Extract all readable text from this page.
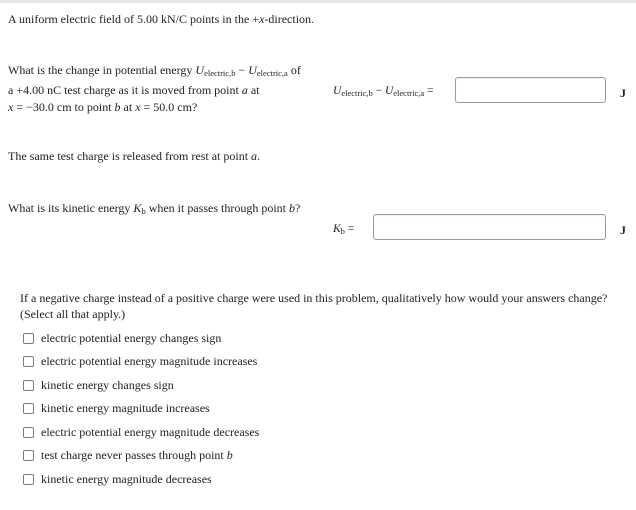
A uniform electric field of 5.00 kN/C points in the +x-direction.
What is the change in potential energy $U_{electric,b} - U_{electric,a}$ of
a +4.00 nC test charge as it is moved from point a at
x = −30.0 cm to point b at x = 50.0 cm?
$U_{electric,b} - U_{electric,a}$ =	J
The same test charge is released from rest at point a.
What is its kinetic energy $K_b$ when it passes through point b?
$K_b$ =	J
If a negative charge instead of a positive charge were used in this problem, qualitatively how would your answers change?
(Select all that apply.)
electric potential energy changes sign
electric potential energy magnitude increases
kinetic energy changes sign
kinetic energy magnitude increases
electric potential energy magnitude decreases
test charge never passes through point b
kinetic energy magnitude decreases
